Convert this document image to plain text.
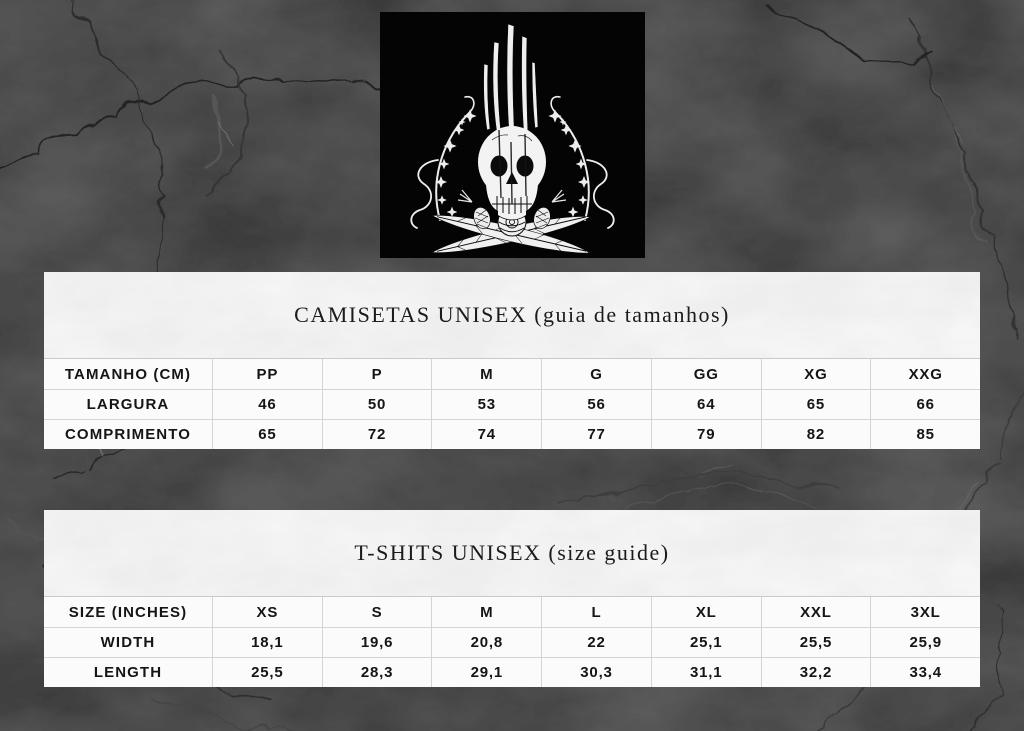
CAMISETAS UNISEX (guia de tamanhos)
TAMANHO (CM)	PP	P	M	G	GG	XG	XXG
LARGURA	46	50	53	56	64	65	66
COMPRIMENTO	65	72	74	77	79	82	85
T-SHITS UNISEX (size guide)
SIZE (INCHES)	XS	S	M	L	XL	XXL	3XL
WIDTH	18,1	19,6	20,8	22	25,1	25,5	25,9
LENGTH	25,5	28,3	29,1	30,3	31,1	32,2	33,4
